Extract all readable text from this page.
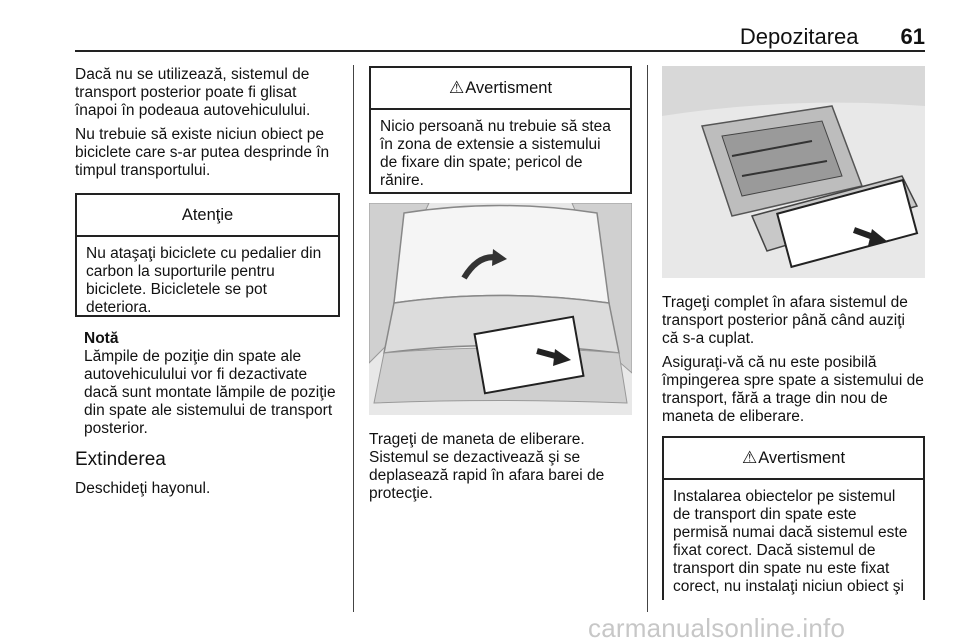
Depozitarea 61

Dacă nu se utilizează, sistemul de transport posterior poate fi glisat înapoi în podeaua autovehiculului.

Nu trebuie să existe niciun obiect pe biciclete care s-ar putea desprinde în timpul transportului.

Atenţie
Nu ataşaţi biciclete cu pedalier din carbon la suporturile pentru biciclete. Bicicletele se pot deteriora.
Notă

Lămpile de poziţie din spate ale autovehiculului vor fi dezactivate dacă sunt montate lămpile de poziţie din spate ale sistemului de transport posterior.

Extinderea

Deschideţi hayonul.

⚠ Avertisment
Nicio persoană nu trebuie să stea în zona de extensie a sistemului de fixare din spate; pericol de rănire.

Trageţi de maneta de eliberare. Sistemul se dezactivează şi se deplasează rapid în afara barei de protecţie.

Trageţi complet în afara sistemul de transport posterior până când auziţi că s-a cuplat.

Asiguraţi-vă că nu este posibilă împingerea spre spate a sistemului de transport, fără a trage din nou de maneta de eliberare.

⚠ Avertisment
Instalarea obiectelor pe sistemul de transport din spate este permisă numai dacă sistemul este fixat corect. Dacă sistemul de transport din spate nu este fixat corect, nu instalaţi niciun obiect şi
carmanualsonline.info
